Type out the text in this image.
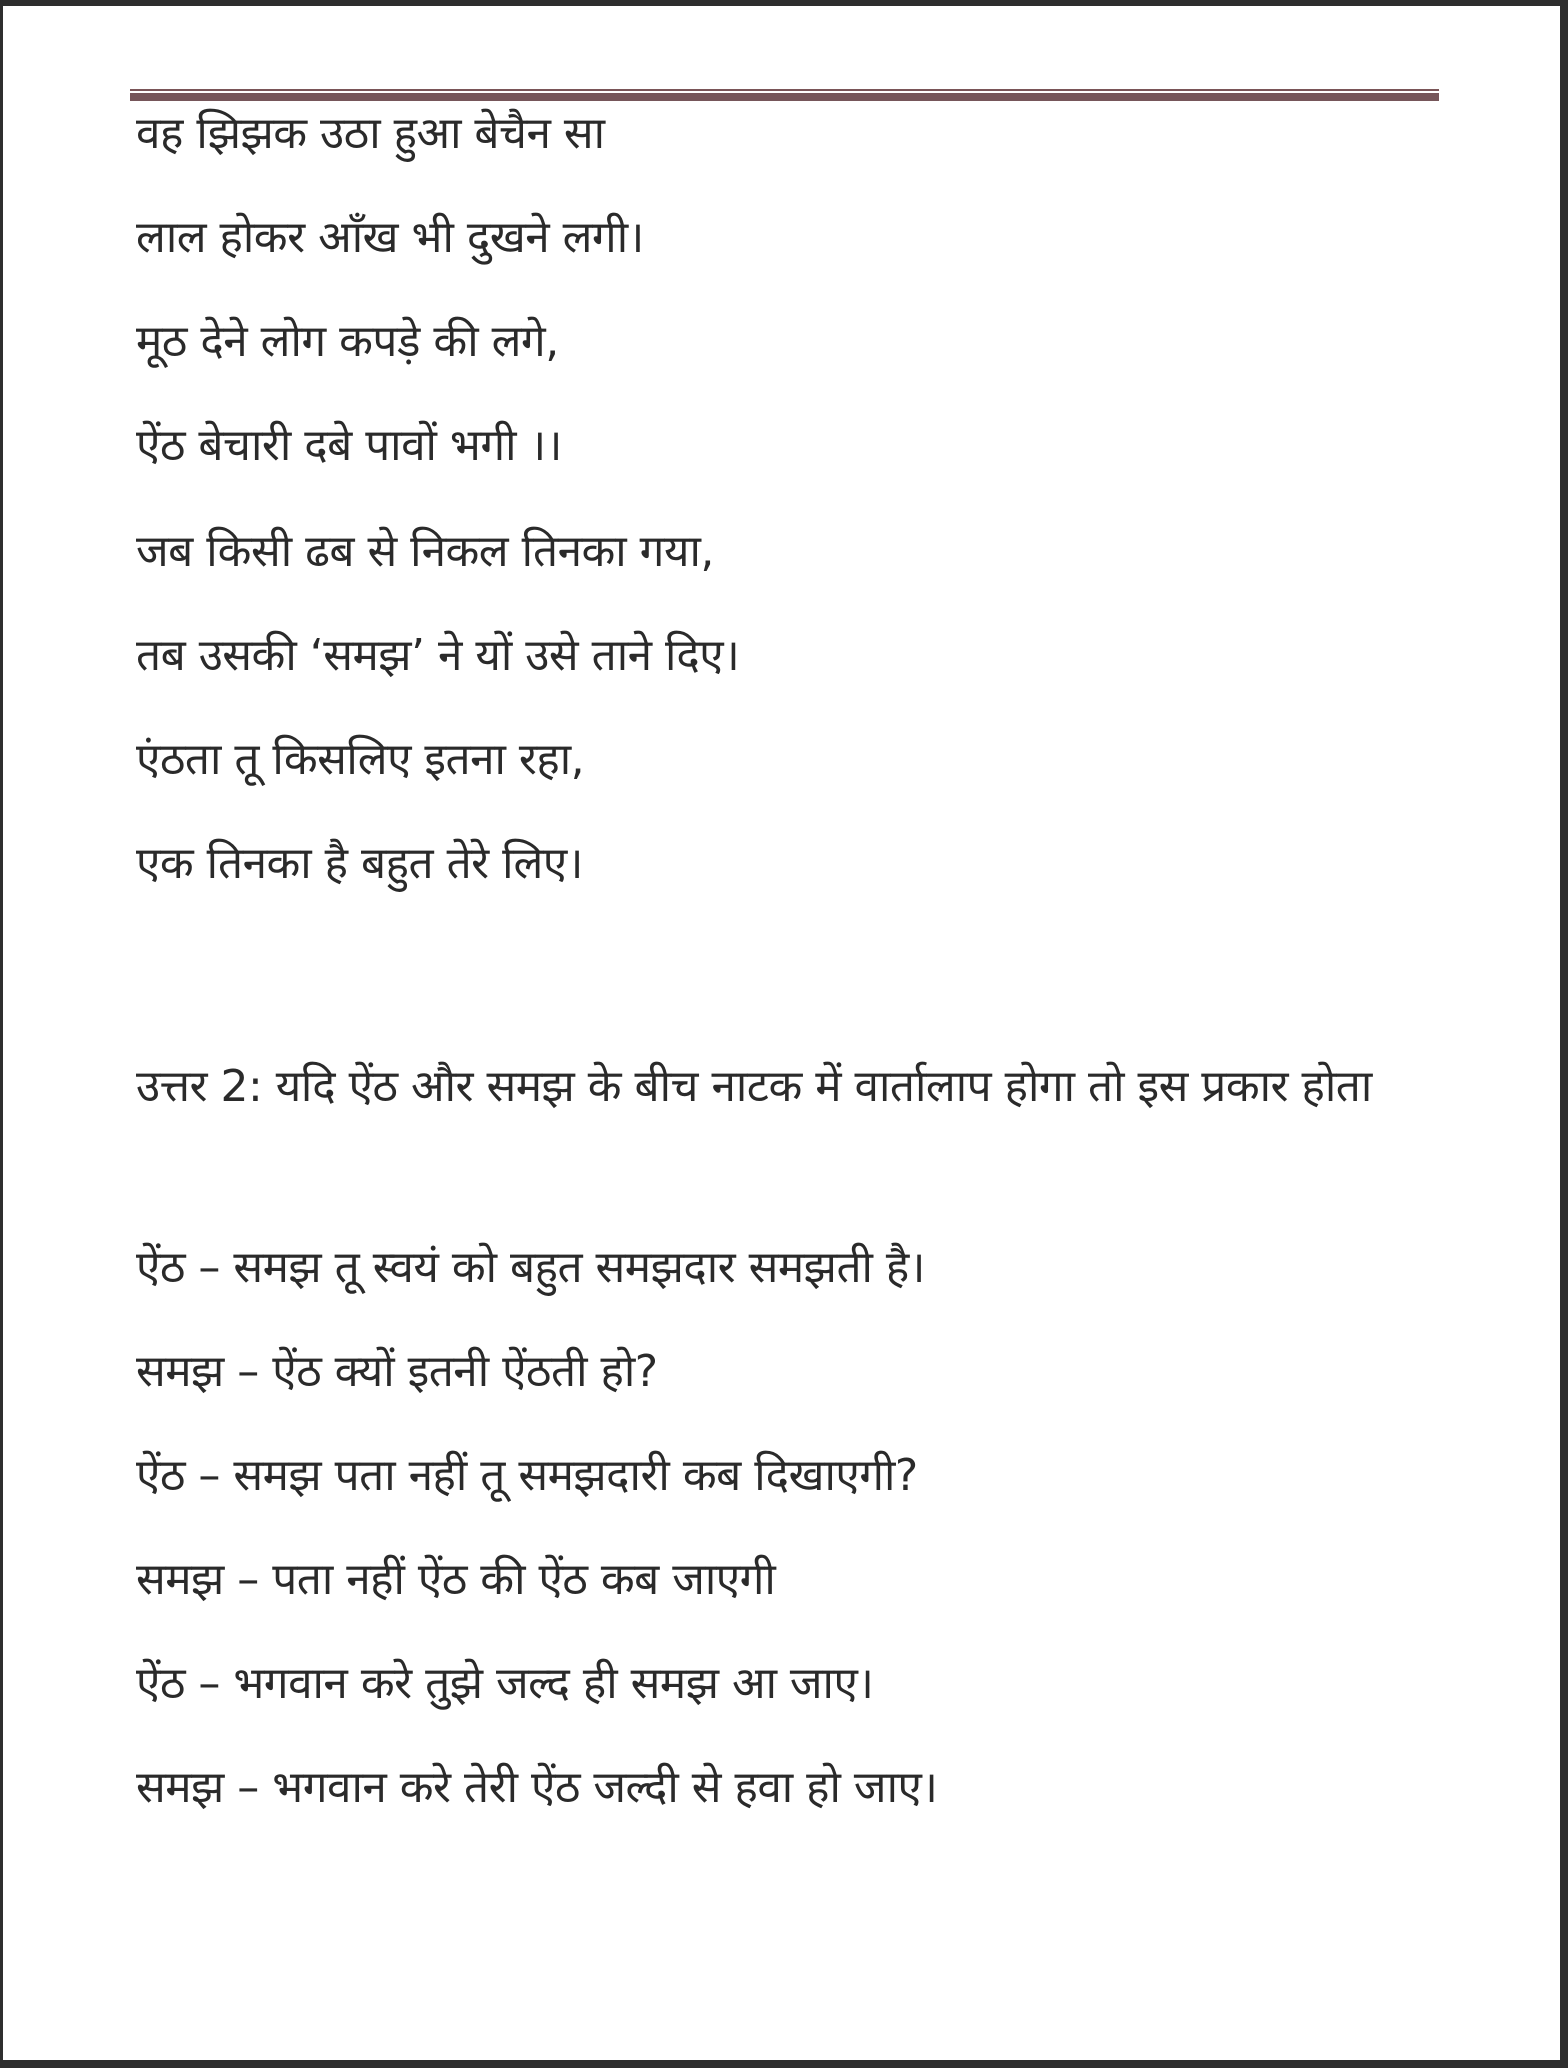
वह झिझक उठा हुआ बेचैन सा
लाल होकर आँख भी दुखने लगी।
मूठ देने लोग कपड़े की लगे,
ऐंठ बेचारी दबे पावों भगी ।।
जब किसी ढब से निकल तिनका गया,
तब उसकी ‘समझ’ ने यों उसे ताने दिए।
एंठता तू किसलिए इतना रहा,
एक तिनका है बहुत तेरे लिए।
उत्तर 2: यदि ऐंठ और समझ के बीच नाटक में वार्तालाप होगा तो इस प्रकार होता
ऐंठ – समझ तू स्वयं को बहुत समझदार समझती है।
समझ – ऐंठ क्यों इतनी ऐंठती हो?
ऐंठ – समझ पता नहीं तू समझदारी कब दिखाएगी?
समझ – पता नहीं ऐंठ की ऐंठ कब जाएगी
ऐंठ – भगवान करे तुझे जल्द ही समझ आ जाए।
समझ – भगवान करे तेरी ऐंठ जल्दी से हवा हो जाए।
